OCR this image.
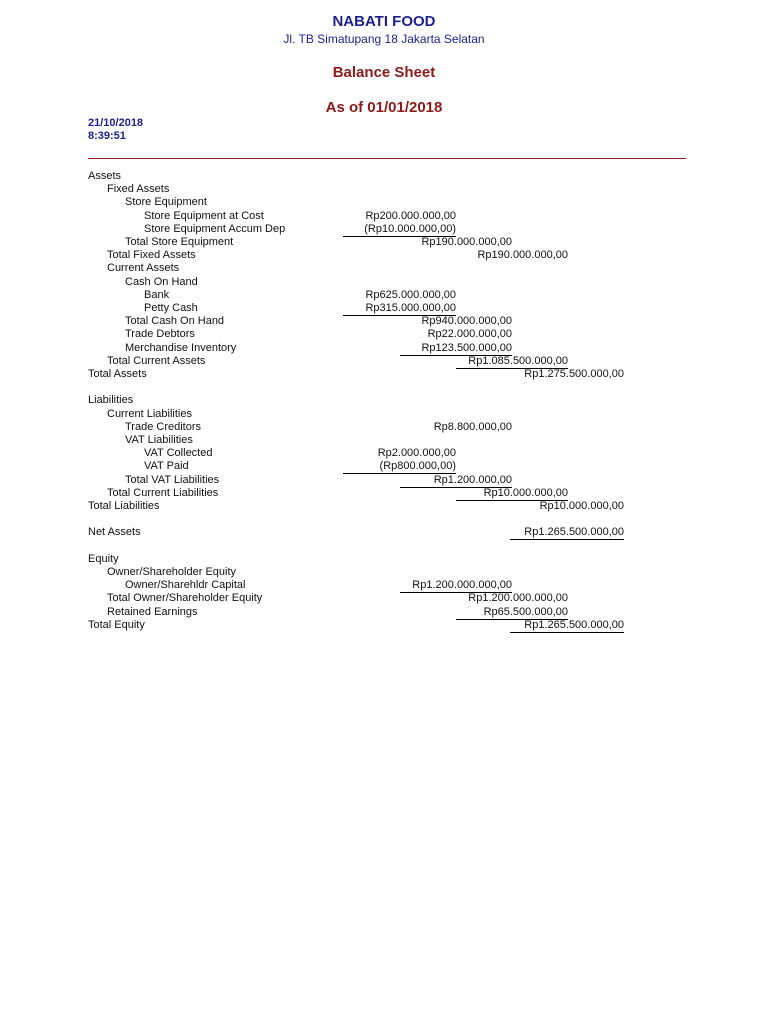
NABATI FOOD
Jl. TB Simatupang 18 Jakarta Selatan
Balance Sheet
As of 01/01/2018
21/10/2018
8:39:51
Assets
Fixed Assets
Store Equipment
Store Equipment at Cost	Rp200.000.000,00
Store Equipment Accum Dep	(Rp10.000.000,00)
Total Store Equipment	Rp190.000.000,00
Total Fixed Assets	Rp190.000.000,00
Current Assets
Cash On Hand
Bank	Rp625.000.000,00
Petty Cash	Rp315.000.000,00
Total Cash On Hand	Rp940.000.000,00
Trade Debtors	Rp22.000.000,00
Merchandise Inventory	Rp123.500.000,00
Total Current Assets	Rp1.085.500.000,00
Total Assets	Rp1.275.500.000,00
Liabilities
Current Liabilities
Trade Creditors	Rp8.800.000,00
VAT Liabilities
VAT Collected	Rp2.000.000,00
VAT Paid	(Rp800.000,00)
Total VAT Liabilities	Rp1.200.000,00
Total Current Liabilities	Rp10.000.000,00
Total Liabilities	Rp10.000.000,00
Net Assets	Rp1.265.500.000,00
Equity
Owner/Shareholder Equity
Owner/Sharehldr Capital	Rp1.200.000.000,00
Total Owner/Shareholder Equity	Rp1.200.000.000,00
Retained Earnings	Rp65.500.000,00
Total Equity	Rp1.265.500.000,00
